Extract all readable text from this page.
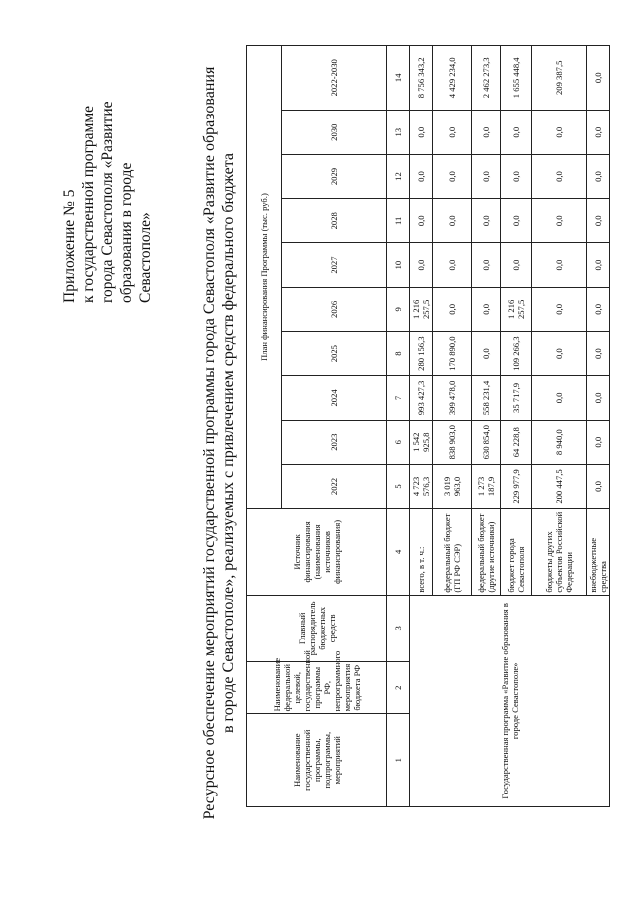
Приложение № 5 к государственной программе города Севастополя «Развитие образования в городе Севастополе»	Ресурсное обеспечение мероприятий государственной программы города Севастополя «Развитие образования в городе Севастополе», реализуемых с привлечением средств федерального бюджета
Наименование государственной программы, подпрограммы, мероприятий	Наименование федеральной целевой, государственной программы РФ, непрограммного мероприятия бюджета РФ	Главный распорядитель бюджетных средств	Источник финансирования (наименования источников финансирования)	План финансирования Программы (тыс. руб.)									
				2022	2023	2024	2025	2026	2027	2028	2029	2030	2022-2030
1	2	3	4	5	6	7	8	9	10	11	12	13	14
Государственная программа «Развитие образования в городе Севастополе»			всего, в т. ч.:	4 723 576,3	1 542 925,8	993 427,3	280 156,3	1 216 257,5	0,0	0,0	0,0	0,0	8 756 343,2
			федеральный бюджет (ГП РФ СЭР)	3 019 963,0	838 903,0	399 478,0	170 890,0	0,0	0,0	0,0	0,0	0,0	4 429 234,0
			федеральный бюджет (другие источники)	1 273 187,9	630 854,0	558 231,4	0,0	0,0	0,0	0,0	0,0	0,0	2 462 273,3
			бюджет города Севастополя	229 977,9	64 228,8	35 717,9	109 266,3	1 216 257,5	0,0	0,0	0,0	0,0	1 655 448,4
			бюджеты других субъектов Российской Федерации	200 447,5	8 940,0	0,0	0,0	0,0	0,0	0,0	0,0	0,0	209 387,5
			внебюджетные средства	0,0	0,0	0,0	0,0	0,0	0,0	0,0	0,0	0,0	0,0
